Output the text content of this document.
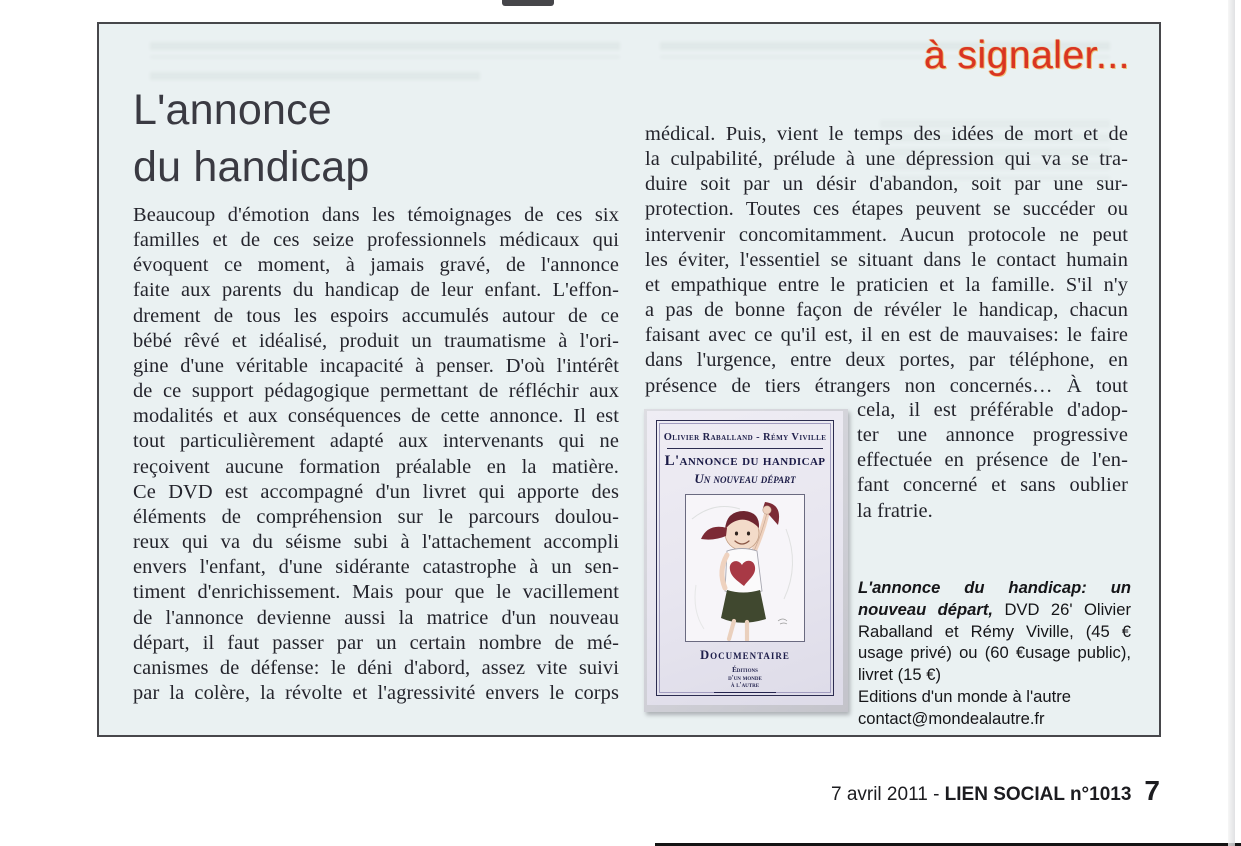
à signaler...
L'annonce
du handicap
Beaucoup d'émotion dans les témoignages de ces six
familles et de ces seize professionnels médicaux qui
évoquent ce moment, à jamais gravé, de l'annonce
faite aux parents du handicap de leur enfant. L'effon-
drement de tous les espoirs accumulés autour de ce
bébé rêvé et idéalisé, produit un traumatisme à l'ori-
gine d'une véritable incapacité à penser. D'où l'intérêt
de ce support pédagogique permettant de réfléchir aux
modalités et aux conséquences de cette annonce. Il est
tout particulièrement adapté aux intervenants qui ne
reçoivent aucune formation préalable en la matière.
Ce DVD est accompagné d'un livret qui apporte des
éléments de compréhension sur le parcours doulou-
reux qui va du séisme subi à l'attachement accompli
envers l'enfant, d'une sidérante catastrophe à un sen-
timent d'enrichissement. Mais pour que le vacillement
de l'annonce devienne aussi la matrice d'un nouveau
départ, il faut passer par un certain nombre de mé-
canismes de défense: le déni d'abord, assez vite suivi
par la colère, la révolte et l'agressivité envers le corps
médical. Puis, vient le temps des idées de mort et de
la culpabilité, prélude à une dépression qui va se tra-
duire soit par un désir d'abandon, soit par une sur-
protection. Toutes ces étapes peuvent se succéder ou
intervenir concomitamment. Aucun protocole ne peut
les éviter, l'essentiel se situant dans le contact humain
et empathique entre le praticien et la famille. S'il n'y
a pas de bonne façon de révéler le handicap, chacun
faisant avec ce qu'il est, il en est de mauvaises: le faire
dans l'urgence, entre deux portes, par téléphone, en
présence de tiers étrangers non concernés… À tout
cela, il est préférable d'adop-
ter une annonce progressive
effectuée en présence de l'en-
fant concerné et sans oublier
la fratrie.
Olivier Raballand - Rémy Viville
L'annonce du handicap
Un nouveau départ
Documentaire
Éditions
d'un monde
à l'autre

L'annonce du handicap: un nouveau départ, DVD 26' Olivier Raballand et Rémy Viville, (45 € usage privé) ou (60 €usage public), livret (15 €)

Editions d'un monde à l'autre
contact@mondealautre.fr
7 avril 2011 - LIEN SOCIAL n°1013 7
